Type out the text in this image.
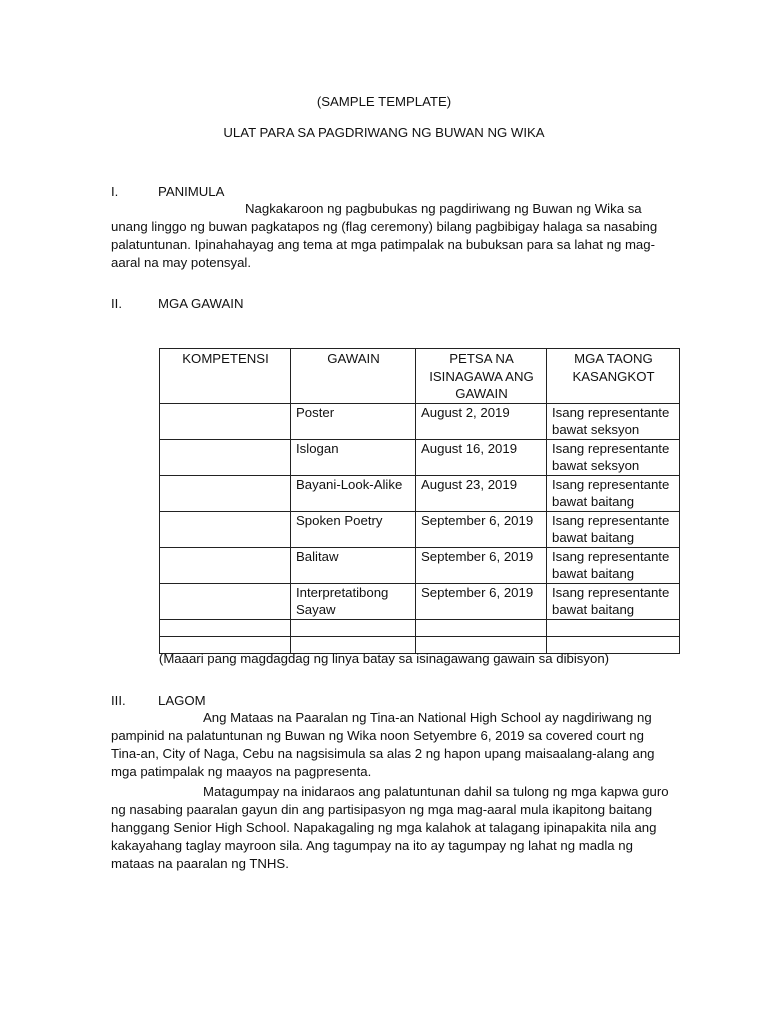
(SAMPLE TEMPLATE)
ULAT PARA SA PAGDRIWANG NG BUWAN NG WIKA
I.	PANIMULA

Nagkakaroon ng pagbubukas ng pagdiriwang ng Buwan ng Wika sa unang linggo ng buwan pagkatapos ng (flag ceremony) bilang pagbibigay halaga sa nasabing palatuntunan. Ipinahahayag ang tema at mga patimpalak na bubuksan para sa lahat ng mag-aaral na may potensyal.

II.	MGA GAWAIN
KOMPETENSI	GAWAIN	PETSA NA ISINAGAWA ANG GAWAIN	MGA TAONG KASANGKOT
	Poster	August 2, 2019	Isang representante bawat seksyon
	Islogan	August 16, 2019	Isang representante bawat seksyon
	Bayani-Look-Alike	August 23, 2019	Isang representante bawat baitang
	Spoken Poetry	September 6, 2019	Isang representante bawat baitang
	Balitaw	September 6, 2019	Isang representante bawat baitang
	Interpretatibong Sayaw	September 6, 2019	Isang representante bawat baitang

(Maaari pang magdagdag ng linya batay sa isinagawang gawain sa dibisyon)
III. LAGOM

Ang Mataas na Paaralan ng Tina-an National High School ay nagdiriwang ng pampinid na palatuntunan ng Buwan ng Wika noon Setyembre 6, 2019 sa covered court ng Tina-an, City of Naga, Cebu na nagsisimula sa alas 2 ng hapon upang maisaalang-alang ang mga patimpalak ng maayos na pagpresenta.

Matagumpay na inidaraos ang palatuntunan dahil sa tulong ng mga kapwa guro ng nasabing paaralan gayun din ang partisipasyon ng mga mag-aaral mula ikapitong baitang hanggang Senior High School. Napakagaling ng mga kalahok at talagang ipinapakita nila ang kakayahang taglay mayroon sila. Ang tagumpay na ito ay tagumpay ng lahat ng madla ng mataas na paaralan ng TNHS.
